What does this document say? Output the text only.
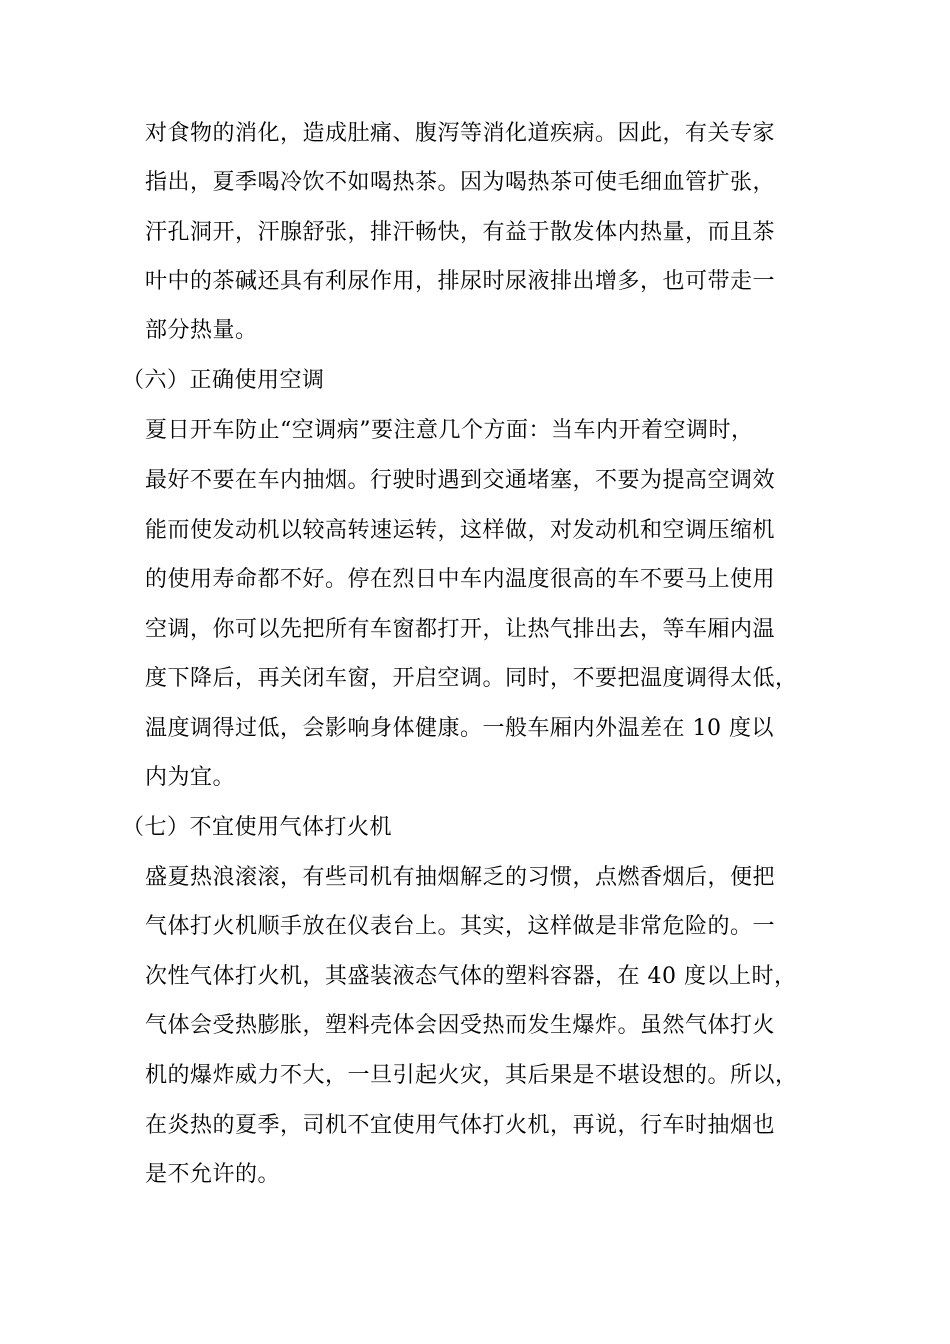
对食物的消化，造成肚痛、腹泻等消化道疾病。因此，有关专家
指出，夏季喝冷饮不如喝热茶。因为喝热茶可使毛细血管扩张，
汗孔洞开，汗腺舒张，排汗畅快，有益于散发体内热量，而且茶
叶中的茶碱还具有利尿作用，排尿时尿液排出增多，也可带走一
部分热量。
（六）正确使用空调
夏日开车防止“空调病”要注意几个方面：当车内开着空调时，
最好不要在车内抽烟。行驶时遇到交通堵塞，不要为提高空调效
能而使发动机以较高转速运转，这样做，对发动机和空调压缩机
的使用寿命都不好。停在烈日中车内温度很高的车不要马上使用
空调，你可以先把所有车窗都打开，让热气排出去，等车厢内温
度下降后，再关闭车窗，开启空调。同时，不要把温度调得太低，
温度调得过低，会影响身体健康。一般车厢内外温差在 10 度以
内为宜。
（七）不宜使用气体打火机
盛夏热浪滚滚，有些司机有抽烟解乏的习惯，点燃香烟后，便把
气体打火机顺手放在仪表台上。其实，这样做是非常危险的。一
次性气体打火机，其盛装液态气体的塑料容器，在 40 度以上时，
气体会受热膨胀，塑料壳体会因受热而发生爆炸。虽然气体打火
机的爆炸威力不大，一旦引起火灾，其后果是不堪设想的。所以，
在炎热的夏季，司机不宜使用气体打火机，再说，行车时抽烟也
是不允许的。
